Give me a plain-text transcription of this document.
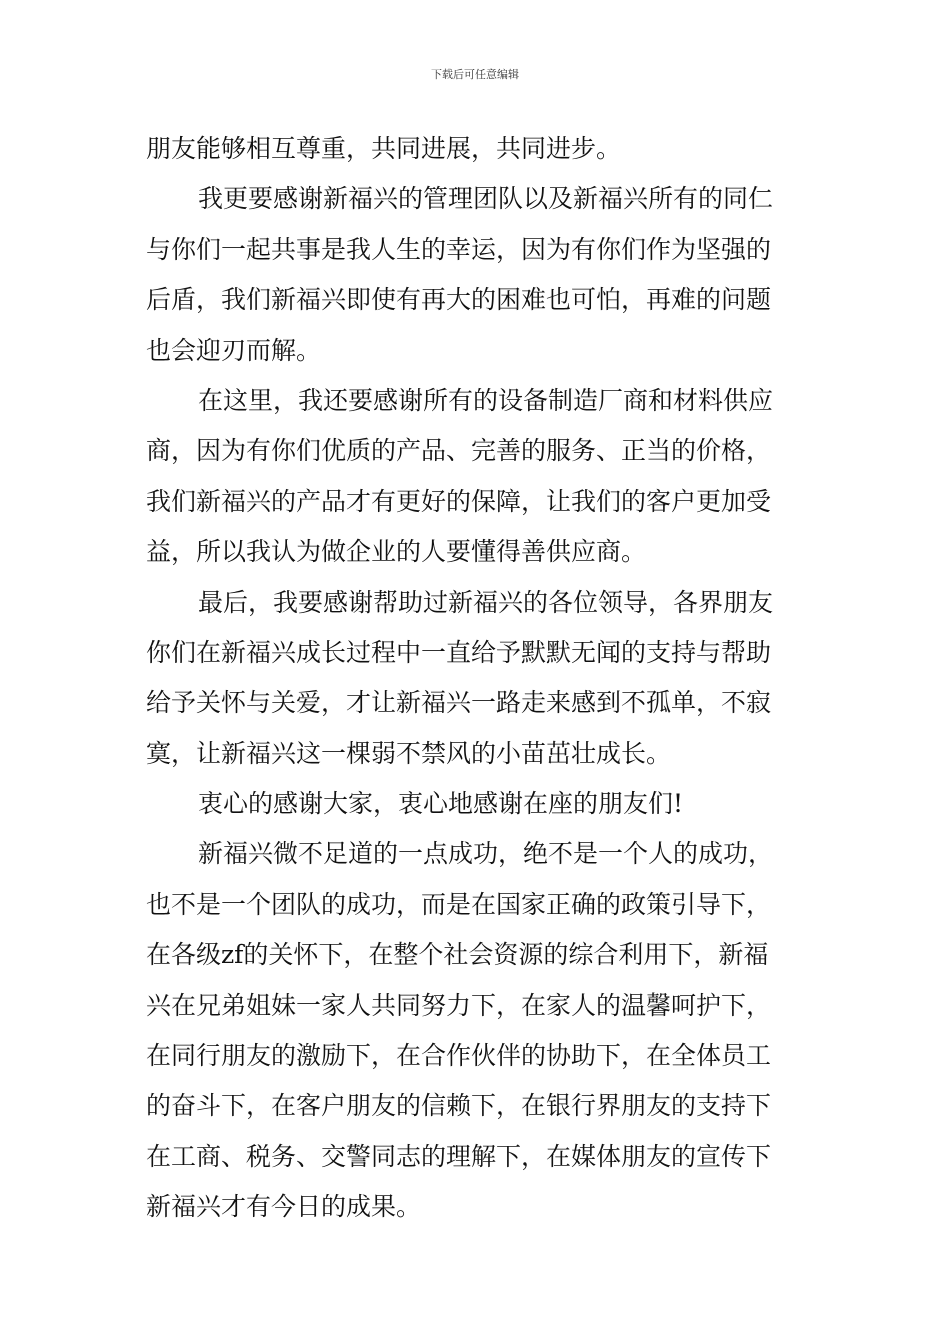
下载后可任意编辑
朋友能够相互尊重，共同进展，共同进步。
我更要感谢新福兴的管理团队以及新福兴所有的同仁
与你们一起共事是我人生的幸运，因为有你们作为坚强的
后盾，我们新福兴即使有再大的困难也可怕，再难的问题
也会迎刃而解。
在这里，我还要感谢所有的设备制造厂商和材料供应
商，因为有你们优质的产品、完善的服务、正当的价格，
我们新福兴的产品才有更好的保障，让我们的客户更加受
益，所以我认为做企业的人要懂得善供应商。
最后，我要感谢帮助过新福兴的各位领导，各界朋友
你们在新福兴成长过程中一直给予默默无闻的支持与帮助
给予关怀与关爱，才让新福兴一路走来感到不孤单，不寂
寞，让新福兴这一棵弱不禁风的小苗茁壮成长。
衷心的感谢大家，衷心地感谢在座的朋友们!
新福兴微不足道的一点成功，绝不是一个人的成功，
也不是一个团队的成功，而是在国家正确的政策引导下，
在各级zf的关怀下，在整个社会资源的综合利用下，新福
兴在兄弟姐妹一家人共同努力下，在家人的温馨呵护下，
在同行朋友的激励下，在合作伙伴的协助下，在全体员工
的奋斗下，在客户朋友的信赖下，在银行界朋友的支持下
在工商、税务、交警同志的理解下，在媒体朋友的宣传下
新福兴才有今日的成果。
